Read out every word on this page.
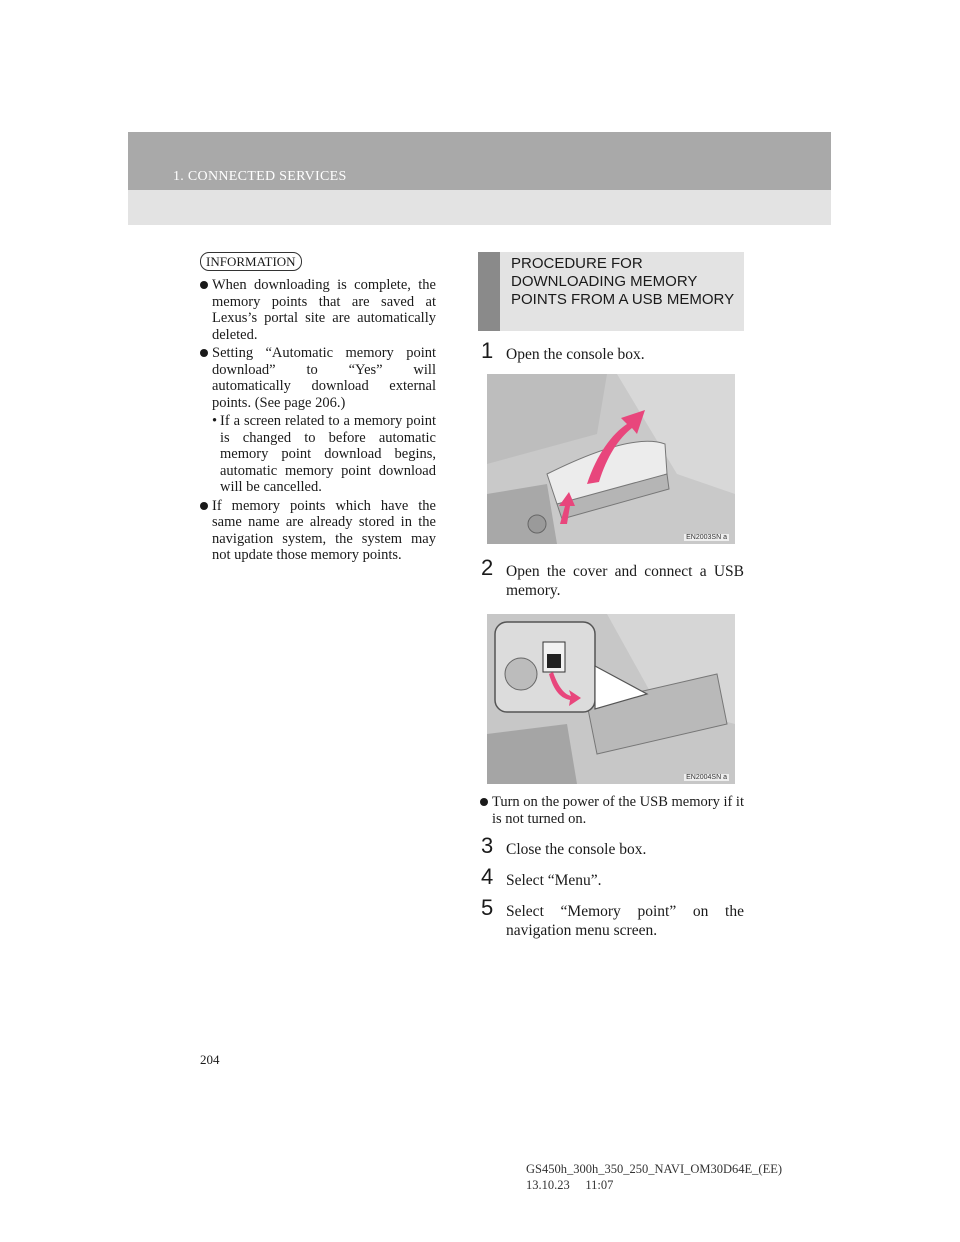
1. CONNECTED SERVICES
INFORMATION
When downloading is complete, the memory points that are saved at Lexus’s portal site are automatically deleted.
Setting “Automatic memory point download” to “Yes” will automatically download external points. (See page 206.)
• If a screen related to a memory point is changed to before automatic memory point download begins, automatic memory point download will be cancelled.
If memory points which have the same name are already stored in the navigation system, the system may not update those memory points.
PROCEDURE FOR DOWNLOADING MEMORY POINTS FROM A USB MEMORY
1 Open the console box.
EN2003SN a
2 Open the cover and connect a USB memory.
EN2004SN a
Turn on the power of the USB memory if it is not turned on.
3 Close the console box.
4 Select “Menu”.
5 Select “Memory point” on the navigation menu screen.
204
GS450h_300h_350_250_NAVI_OM30D64E_(EE)
13.10.23     11:07
